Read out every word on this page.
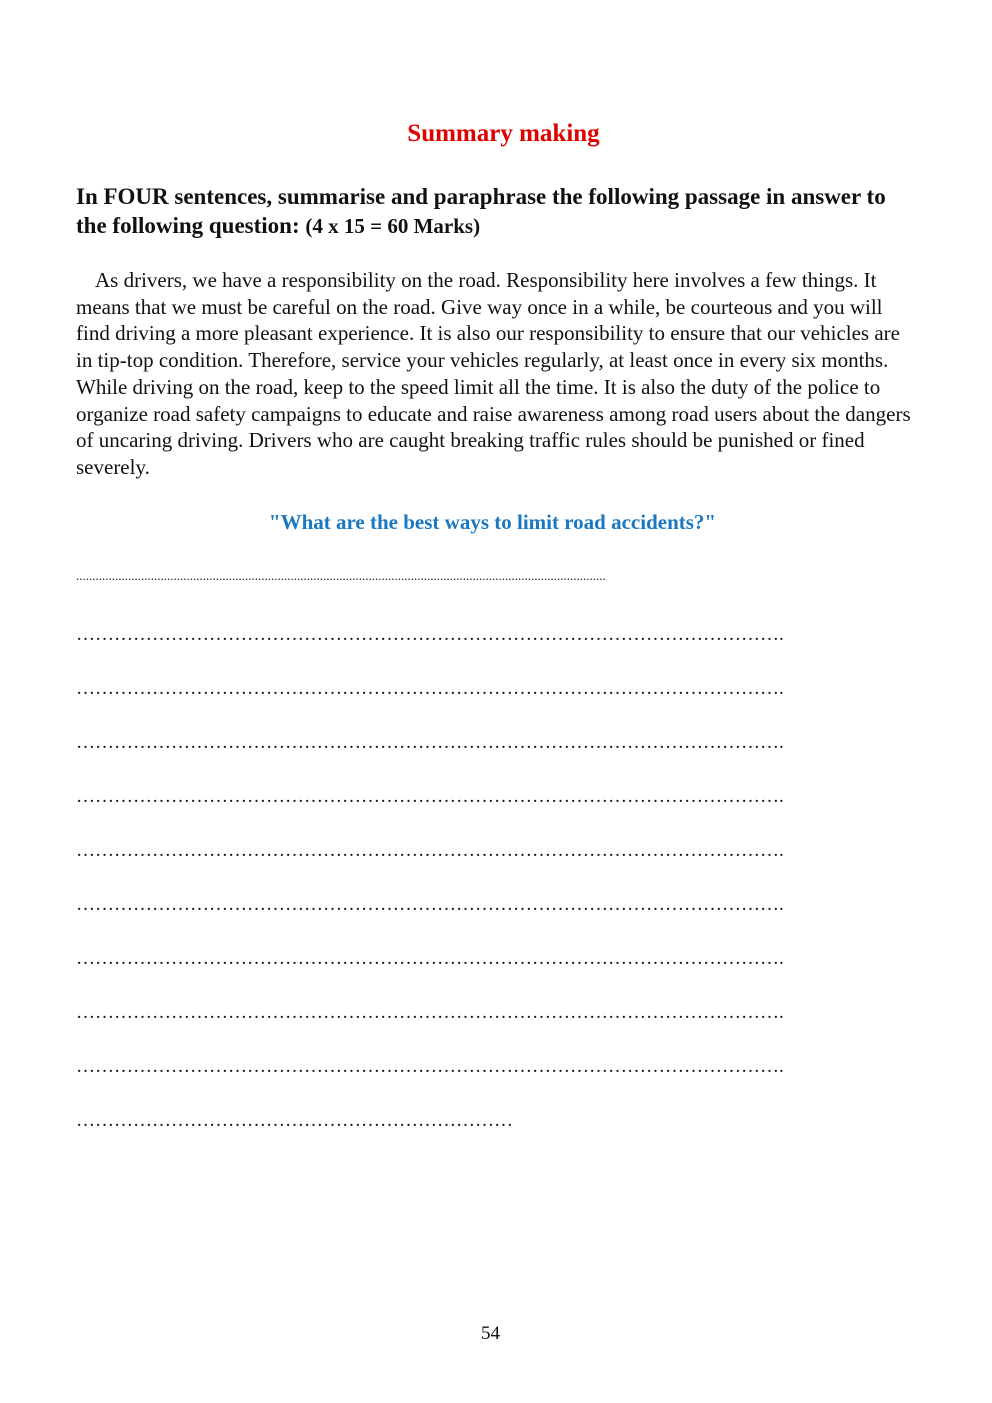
Summary making

In FOUR sentences, summarise and paraphrase the following passage in answer to the following question: (4 x 15 = 60 Marks)

As drivers, we have a responsibility on the road. Responsibility here involves a few things. It means that we must be careful on the road. Give way once in a while, be courteous and you will find driving a more pleasant experience. It is also our responsibility to ensure that our vehicles are in tip-top condition. Therefore, service your vehicles regularly, at least once in every six months. While driving on the road, keep to the speed limit all the time. It is also the duty of the police to organize road safety campaigns to educate and raise awareness among road users about the dangers of uncaring driving. Drivers who are caught breaking traffic rules should be punished or fined severely.

"What are the best ways to limit road accidents?"

...................................................................................................................................................................
………………………………………………………………………………………………….
………………………………………………………………………………………………….
………………………………………………………………………………………………….
………………………………………………………………………………………………….
………………………………………………………………………………………………….
………………………………………………………………………………………………….
………………………………………………………………………………………………….
………………………………………………………………………………………………….
………………………………………………………………………………………………….
……………………………………………………………

54
